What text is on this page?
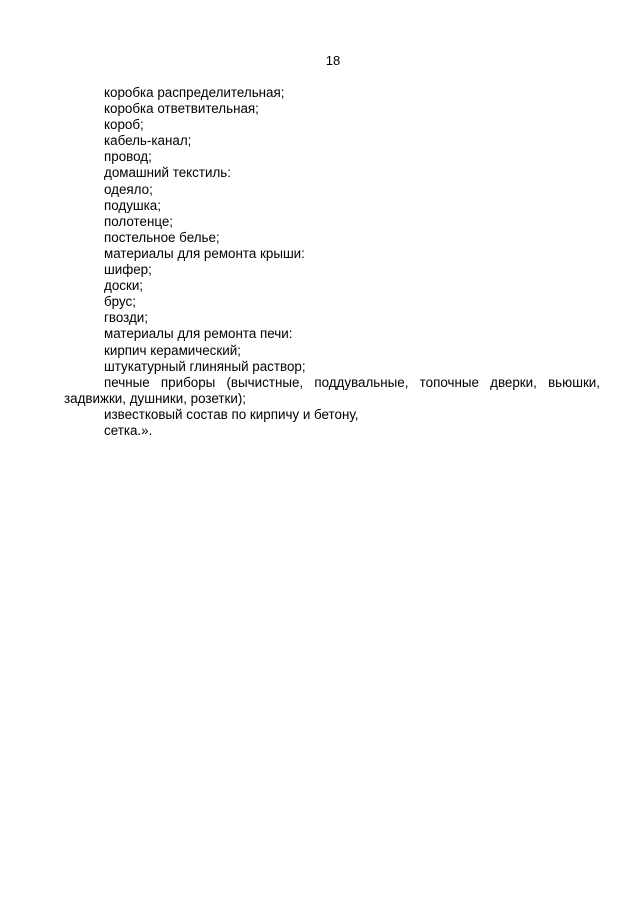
18

коробка распределительная;

коробка ответвительная;

короб;

кабель-канал;

провод;

домашний текстиль:

одеяло;

подушка;

полотенце;

постельное белье;

материалы для ремонта крыши:

шифер;

доски;

брус;

гвозди;

материалы для ремонта печи:

кирпич керамический;

штукатурный глиняный раствор;

печные приборы (вычистные, поддувальные, топочные дверки, вьюшки, задвижки, душники, розетки);

известковый состав по кирпичу и бетону,

сетка.».
